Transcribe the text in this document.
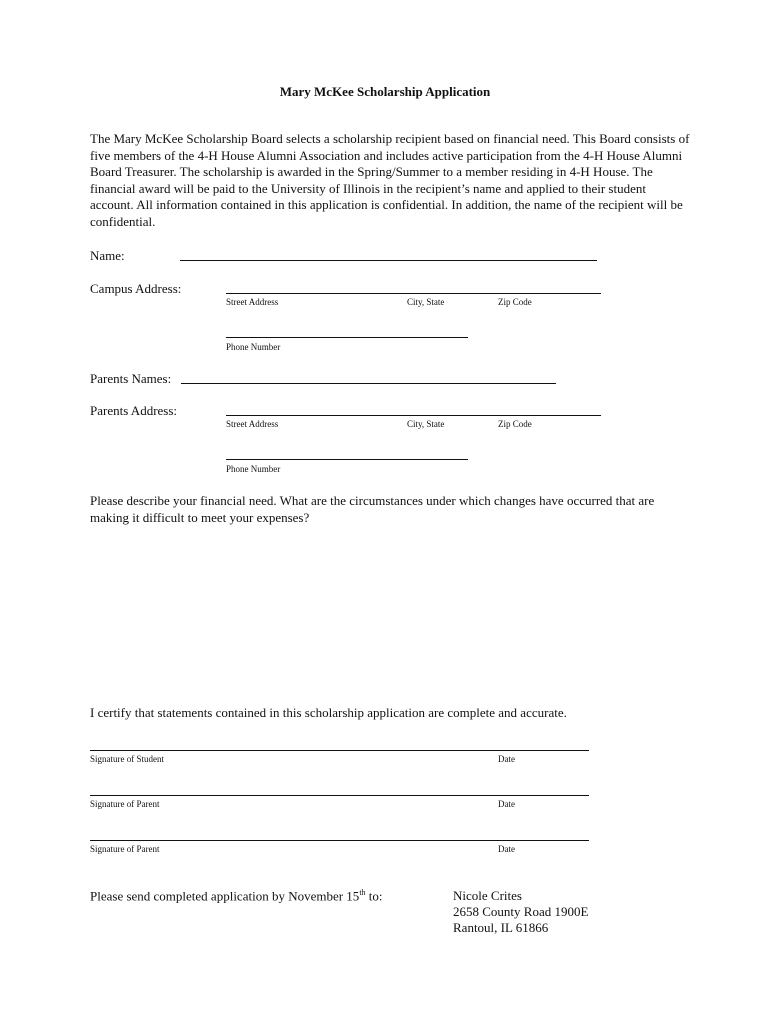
Mary McKee Scholarship Application
The Mary McKee Scholarship Board selects a scholarship recipient based on financial need. This Board consists of five members of the 4-H House Alumni Association and includes active participation from the 4-H House Alumni Board Treasurer. The scholarship is awarded in the Spring/Summer to a member residing in 4-H House. The financial award will be paid to the University of Illinois in the recipient’s name and applied to their student account. All information contained in this application is confidential. In addition, the name of the recipient will be confidential.
Name:
Campus Address:
Street Address	City, State	Zip Code
Phone Number
Parents Names:
Parents Address:
Street Address	City, State	Zip Code
Phone Number
Please describe your financial need. What are the circumstances under which changes have occurred that are making it difficult to meet your expenses?
I certify that statements contained in this scholarship application are complete and accurate.
Signature of Student	Date
Signature of Parent	Date
Signature of Parent	Date
Please send completed application by November 15th to:	Nicole Crites
2658 County Road 1900E
Rantoul, IL 61866
